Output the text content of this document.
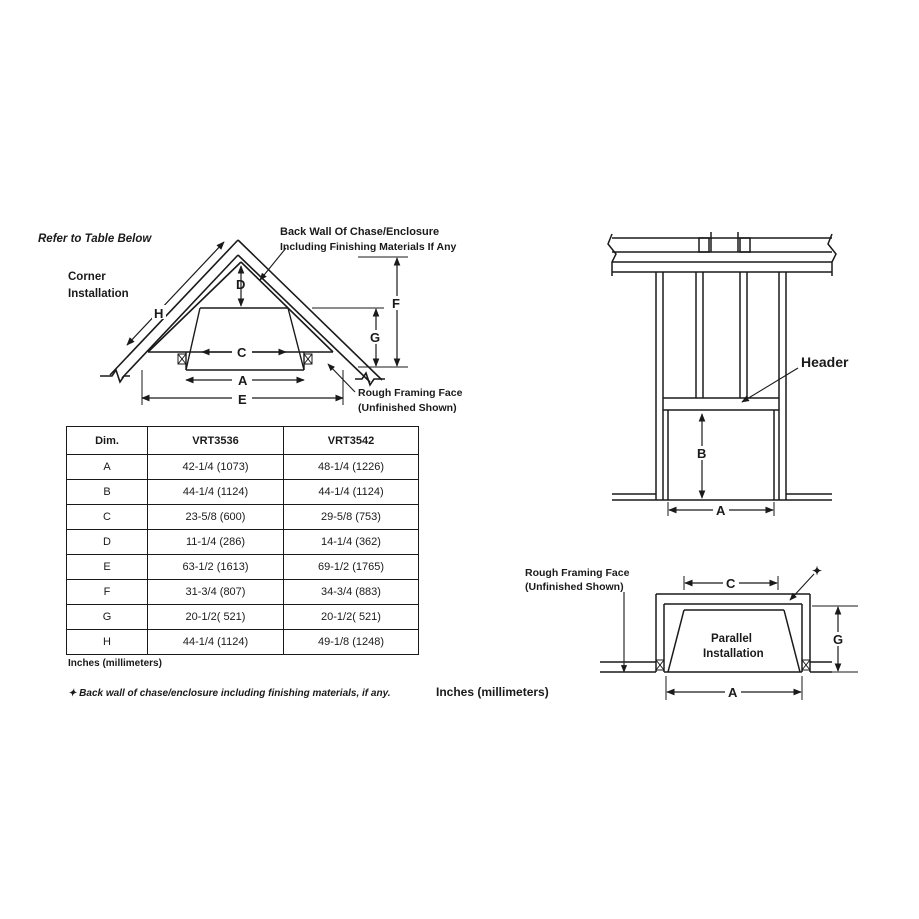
Refer to Table Below
Corner
Installation
Back Wall Of Chase/Enclosure
Including Finishing Materials If Any
D
C
A
E
H
F
G
Rough Framing Face
(Unfinished Shown)
Header
B
A
Rough Framing Face
(Unfinished Shown)
Parallel
Installation
C
✦
G
A
Inches (millimeters)
Dim.	VRT3536	VRT3542
A	42-1/4 (1073)	48-1/4 (1226)
B	44-1/4 (1124)	44-1/4 (1124)
C	23-5/8 (600)	29-5/8 (753)
D	11-1/4 (286)	14-1/4 (362)
E	63-1/2 (1613)	69-1/2 (1765)
F	31-3/4 (807)	34-3/4 (883)
G	20-1/2( 521)	20-1/2( 521)
H	44-1/4 (1124)	49-1/8 (1248)
Inches (millimeters)
✦ Back wall of chase/enclosure including finishing materials, if any.
